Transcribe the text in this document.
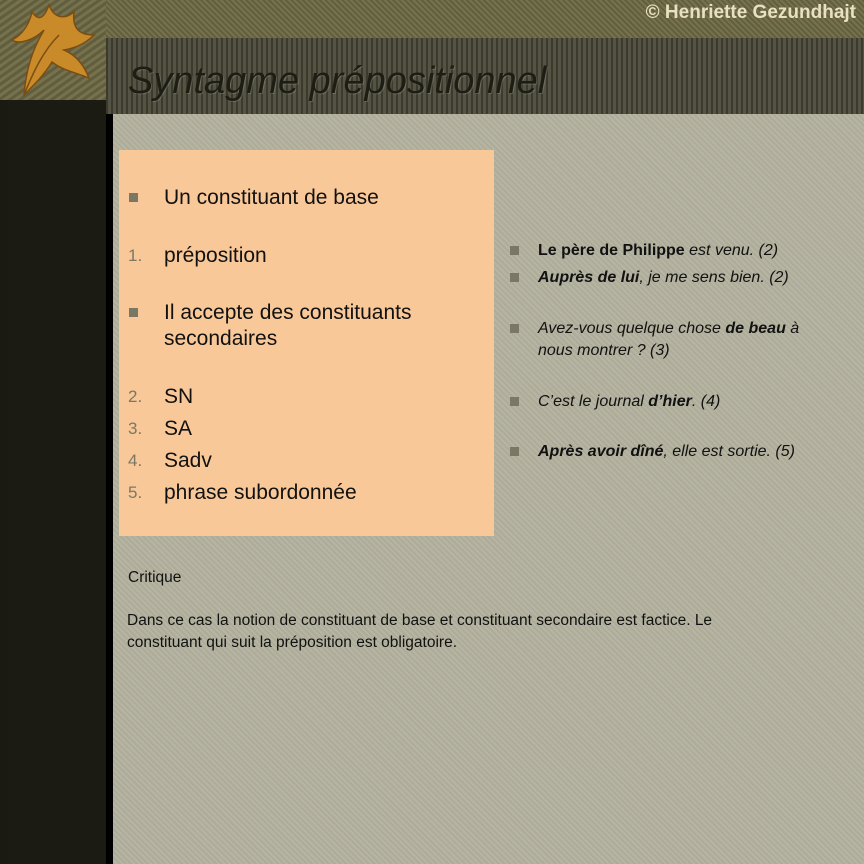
© Henriette Gezundhajt
Syntagme prépositionnel
Un constituant de base
1. préposition
Il accepte des constituants
secondaires
2. SN
3. SA
4. Sadv
5. phrase subordonnée
Le père de Philippe est venu. (2)
Auprès de lui, je me sens bien. (2)
Avez-vous quelque chose de beau à
nous montrer ? (3)
C’est le journal d’hier. (4)
Après avoir dîné, elle est sortie. (5)
Critique
Dans ce cas la notion de constituant de base et constituant secondaire est factice. Le
constituant qui suit la préposition est obligatoire.
